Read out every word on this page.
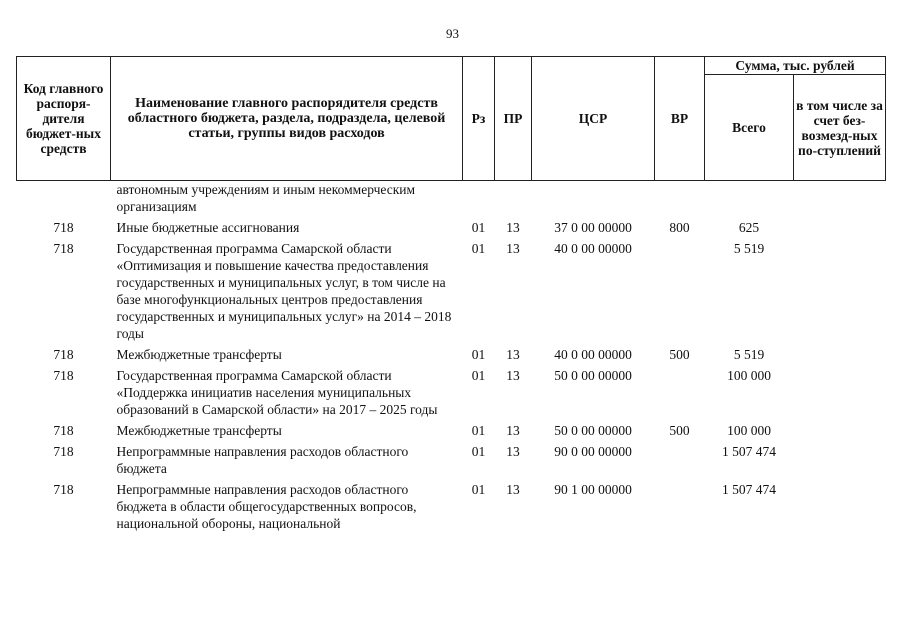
93
Код главного распоря-дителя бюджет-ных средств	Наименование главного распорядителя средств областного бюджета, раздела, подраздела, целевой статьи, группы видов расходов	Рз	ПР	ЦСР	ВР	Сумма, тыс. рублей	
						Всего	в том числе за счет без-возмезд-ных по-ступлений
	автономным учреждениям и иным некоммерческим организациям						
718	Иные бюджетные ассигнования	01	13	37 0 00 00000	800	625	
718	Государственная программа Самарской области «Оптимизация и повышение качества предоставления государственных и муниципальных услуг, в том числе на базе многофункциональных центров предоставления государственных и муниципальных услуг» на 2014 – 2018 годы	01	13	40 0 00 00000		5 519	
718	Межбюджетные трансферты	01	13	40 0 00 00000	500	5 519	
718	Государственная программа Самарской области «Поддержка инициатив населения муниципальных образований в Самарской области» на 2017 – 2025 годы	01	13	50 0 00 00000		100 000	
718	Межбюджетные трансферты	01	13	50 0 00 00000	500	100 000	
718	Непрограммные направления расходов областного бюджета	01	13	90 0 00 00000		1 507 474	
718	Непрограммные направления расходов областного бюджета в области общегосударственных вопросов, национальной обороны, национальной	01	13	90 1 00 00000		1 507 474	
